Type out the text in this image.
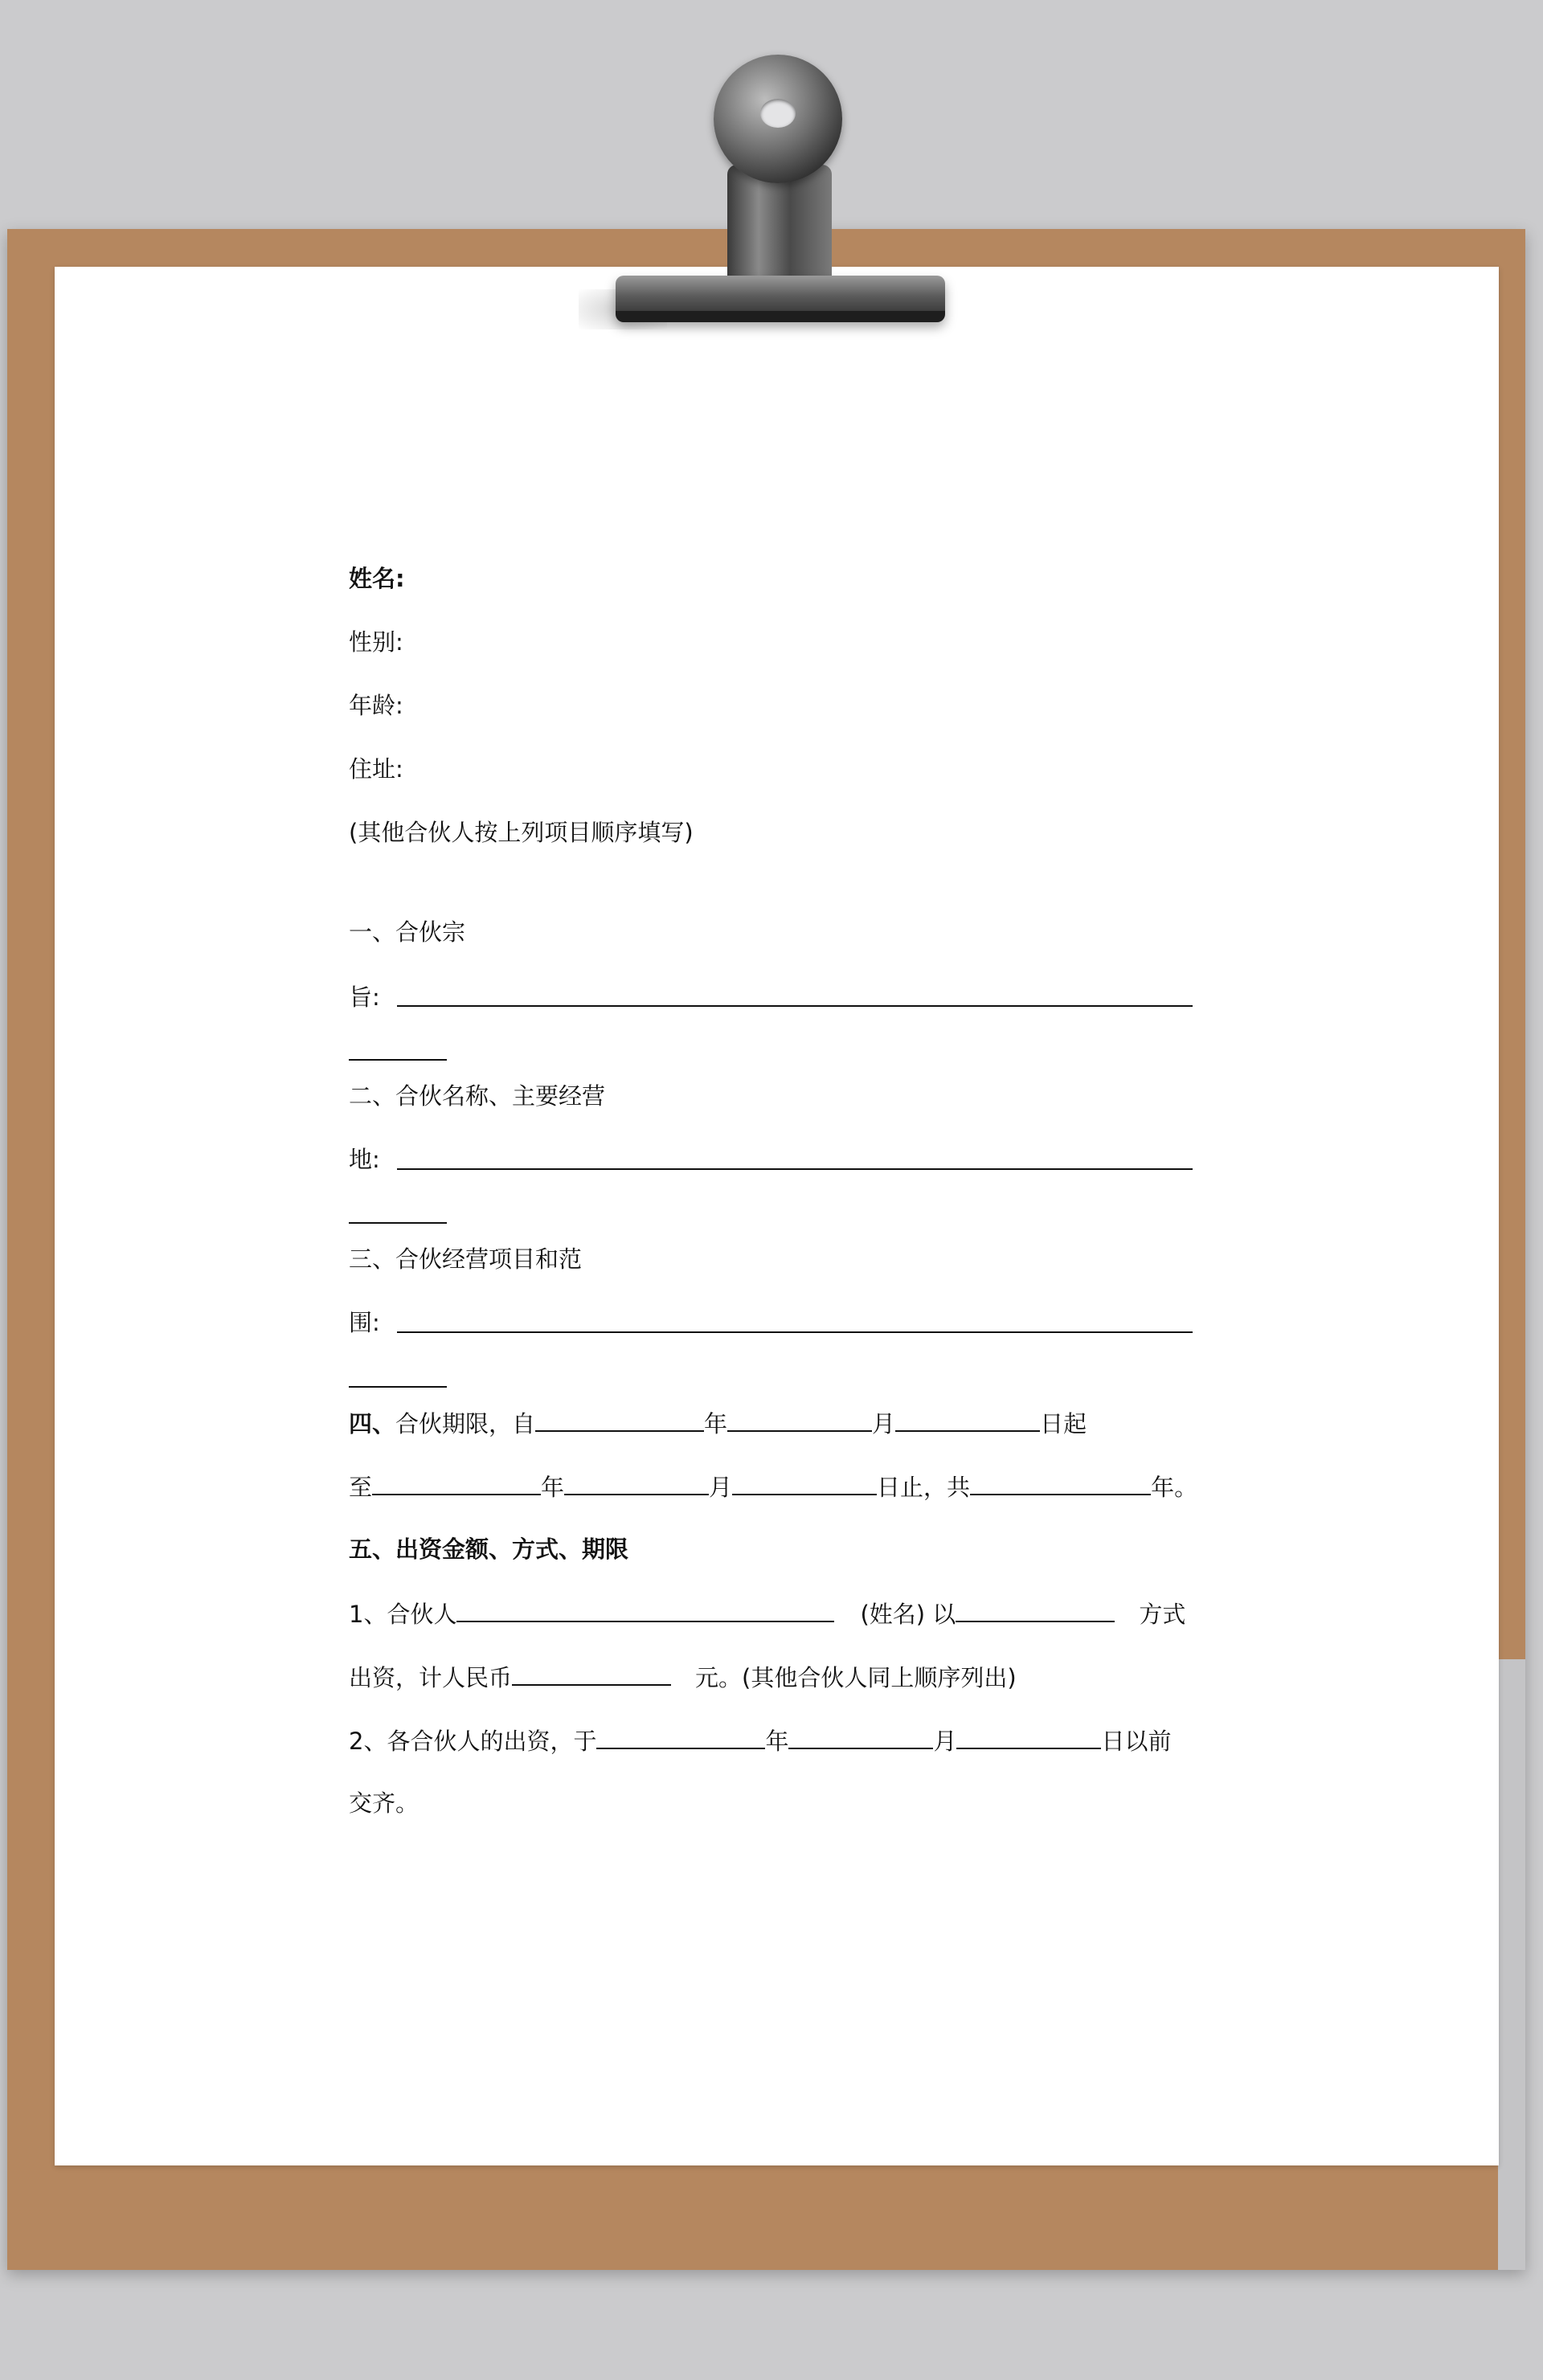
姓名:
性别:
年龄:
住址:
(其他合伙人按上列项目顺序填写)
一、合伙宗
旨:
二、合伙名称、主要经营
地:
三、合伙经营项目和范
围:
四、合伙期限，自	年	月	日起
至	年	月	日止，共	年。
五、出资金额、方式、期限
1、合伙人	(姓名) 以	方式
出资，计人民币	元。(其他合伙人同上顺序列出)
2、各合伙人的出资，于	年	月	日以前
交齐。
